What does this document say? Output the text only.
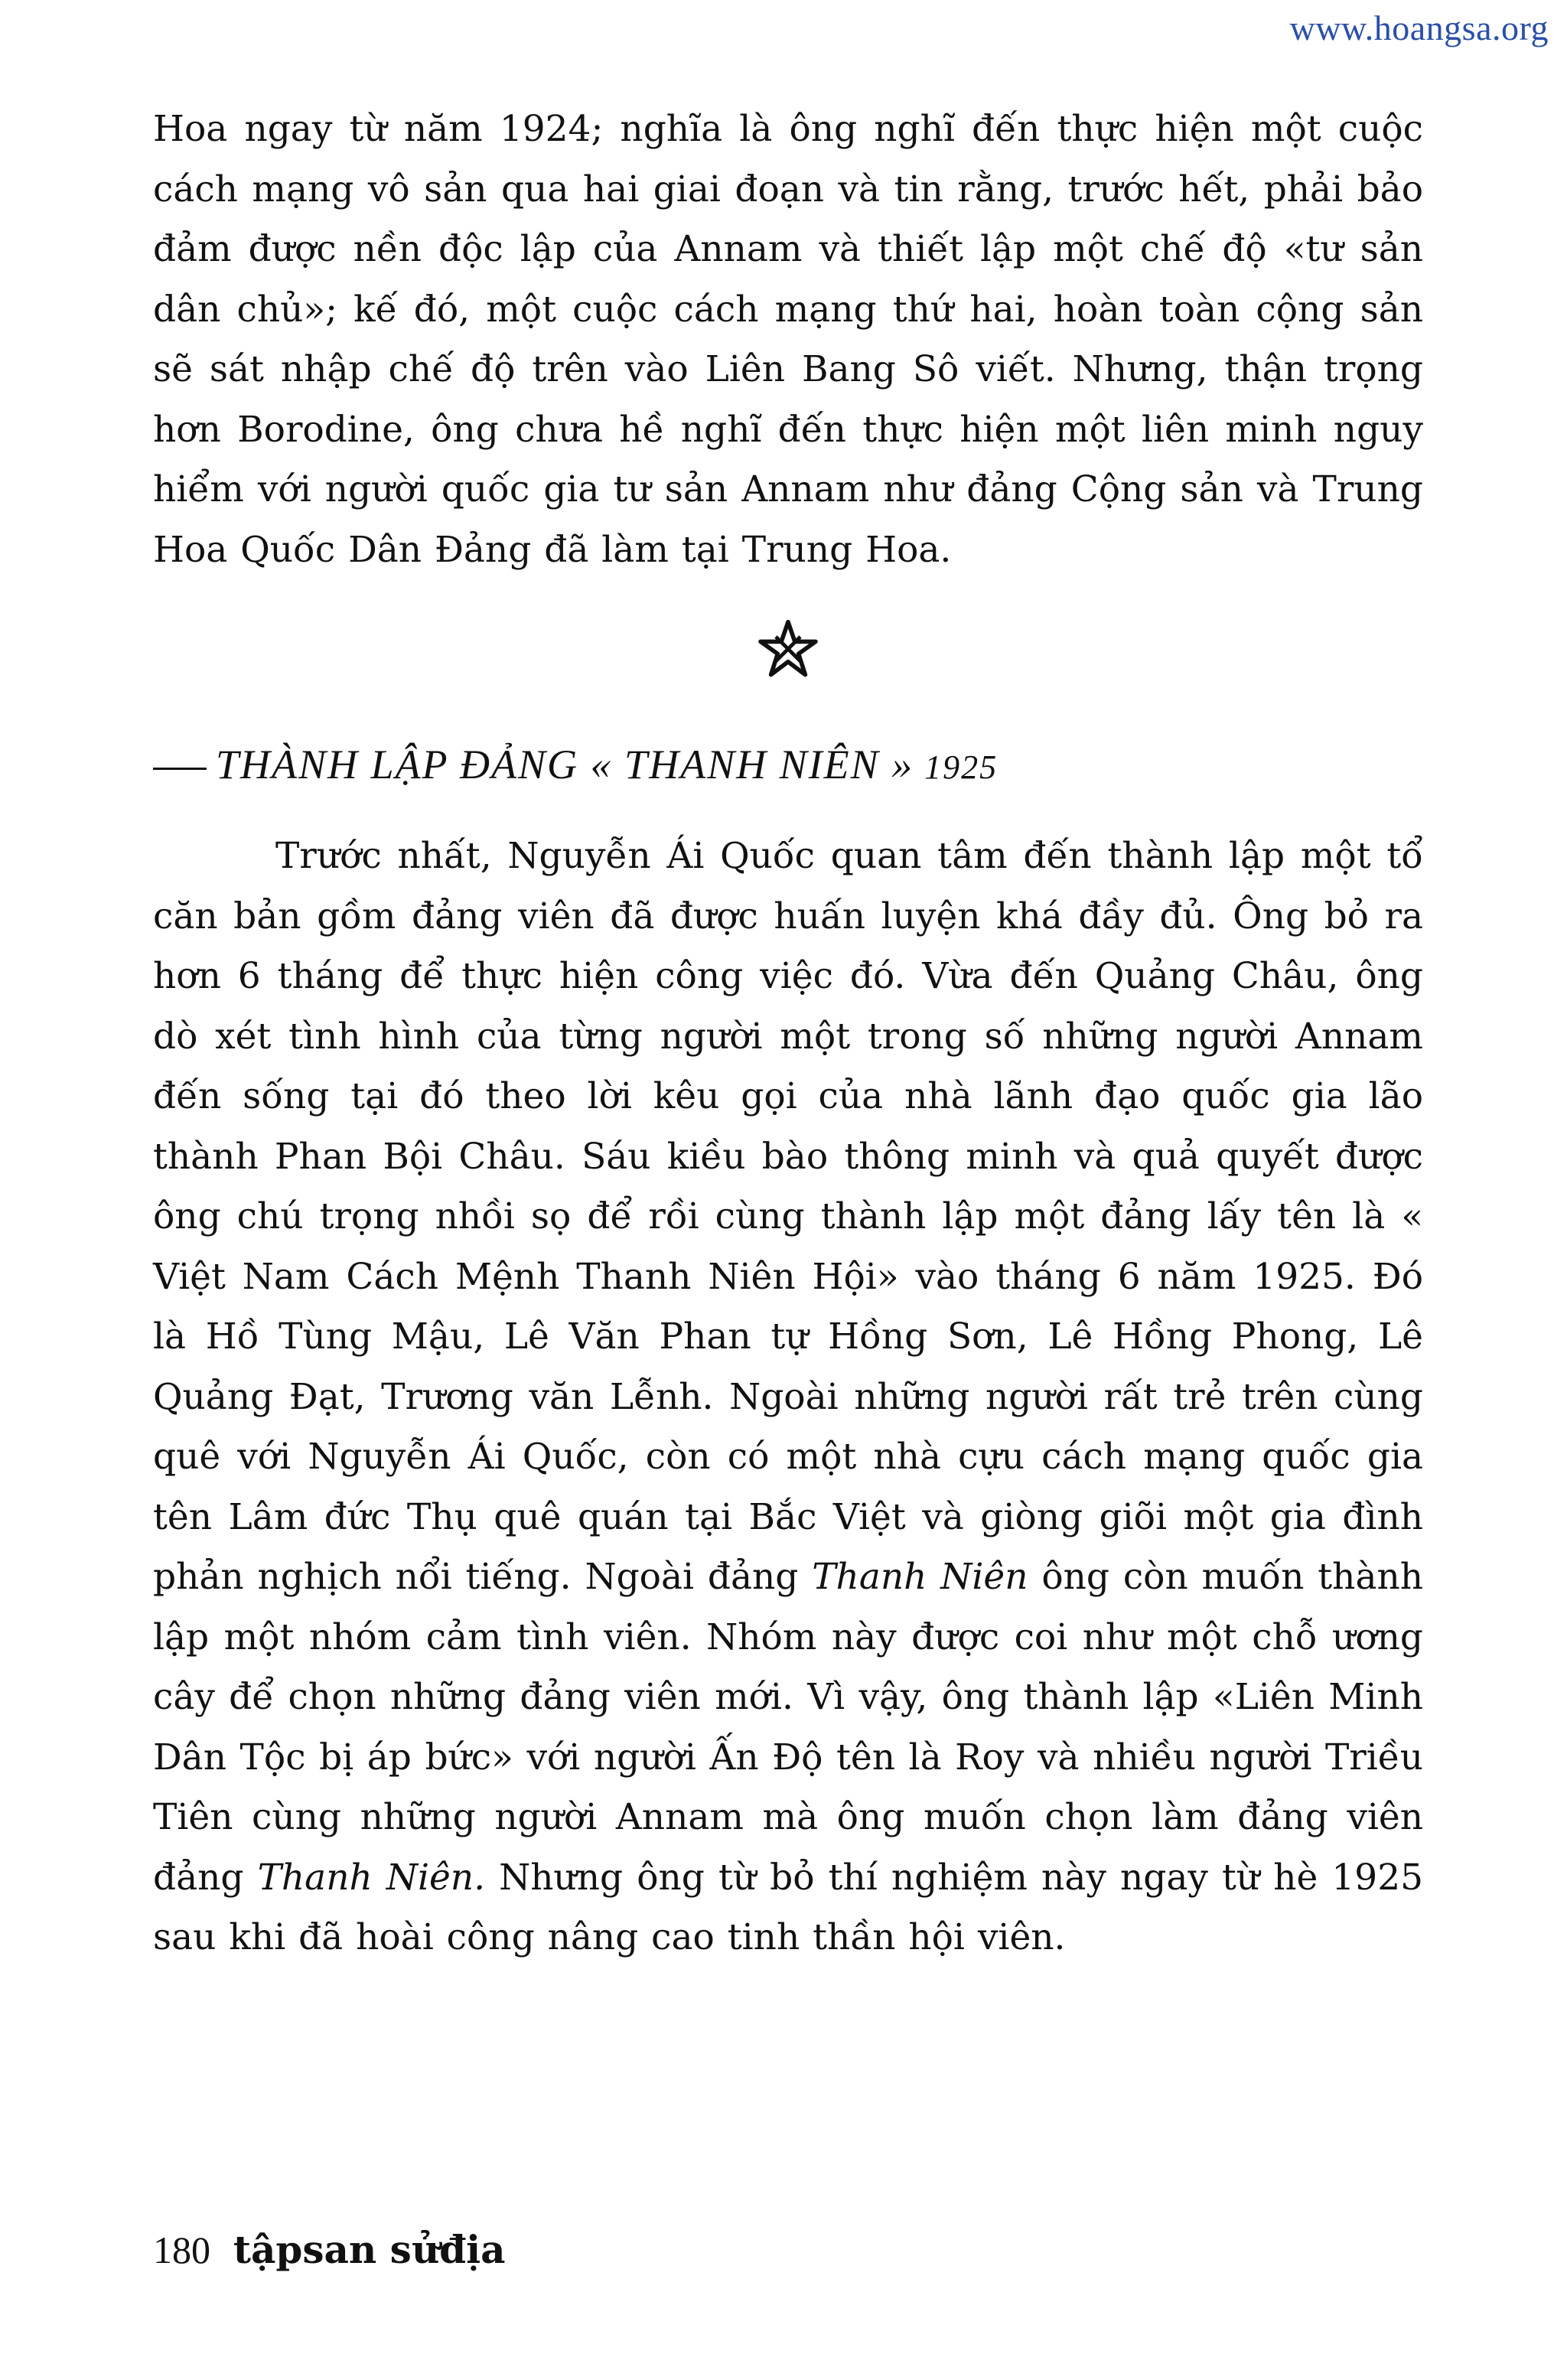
www.hoangsa.org

Hoa ngay từ năm 1924; nghĩa là ông nghĩ đến thực hiện một cuộc cách mạng vô sản qua hai giai đoạn và tin rằng, trước hết, phải bảo đảm được nền độc lập của Annam và thiết lập một chế độ «tư sản dân chủ»; kế đó, một cuộc cách mạng thứ hai, hoàn toàn cộng sản sẽ sát nhập chế độ trên vào Liên Bang Sô viết. Nhưng, thận trọng hơn Borodine, ông chưa hề nghĩ đến thực hiện một liên minh nguy hiểm với người quốc gia tư sản Annam như đảng Cộng sản và Trung Hoa Quốc Dân Đảng đã làm tại Trung Hoa.

THÀNH LẬP ĐẢNG « THANH NIÊN » 1925

Trước nhất, Nguyễn Ái Quốc quan tâm đến thành lập một tổ căn bản gồm đảng viên đã được huấn luyện khá đầy đủ. Ông bỏ ra hơn 6 tháng để thực hiện công việc đó. Vừa đến Quảng Châu, ông dò xét tình hình của từng người một trong số những người Annam đến sống tại đó theo lời kêu gọi của nhà lãnh đạo quốc gia lão thành Phan Bội Châu. Sáu kiều bào thông minh và quả quyết được ông chú trọng nhồi sọ để rồi cùng thành lập một đảng lấy tên là « Việt Nam Cách Mệnh Thanh Niên Hội» vào tháng 6 năm 1925. Đó là Hồ Tùng Mậu, Lê Văn Phan tự Hồng Sơn, Lê Hồng Phong, Lê Quảng Đạt, Trương văn Lễnh. Ngoài những người rất trẻ trên cùng quê với Nguyễn Ái Quốc, còn có một nhà cựu cách mạng quốc gia tên Lâm đức Thụ quê quán tại Bắc Việt và giòng giõi một gia đình phản nghịch nổi tiếng. Ngoài đảng Thanh Niên ông còn muốn thành lập một nhóm cảm tình viên. Nhóm này được coi như một chỗ ương cây để chọn những đảng viên mới. Vì vậy, ông thành lập «Liên Minh Dân Tộc bị áp bức» với người Ấn Độ tên là Roy và nhiều người Triều Tiên cùng những người Annam mà ông muốn chọn làm đảng viên đảng Thanh Niên. Nhưng ông từ bỏ thí nghiệm này ngay từ hè 1925 sau khi đã hoài công nâng cao tinh thần hội viên.

180 tậpsan sửđịa
